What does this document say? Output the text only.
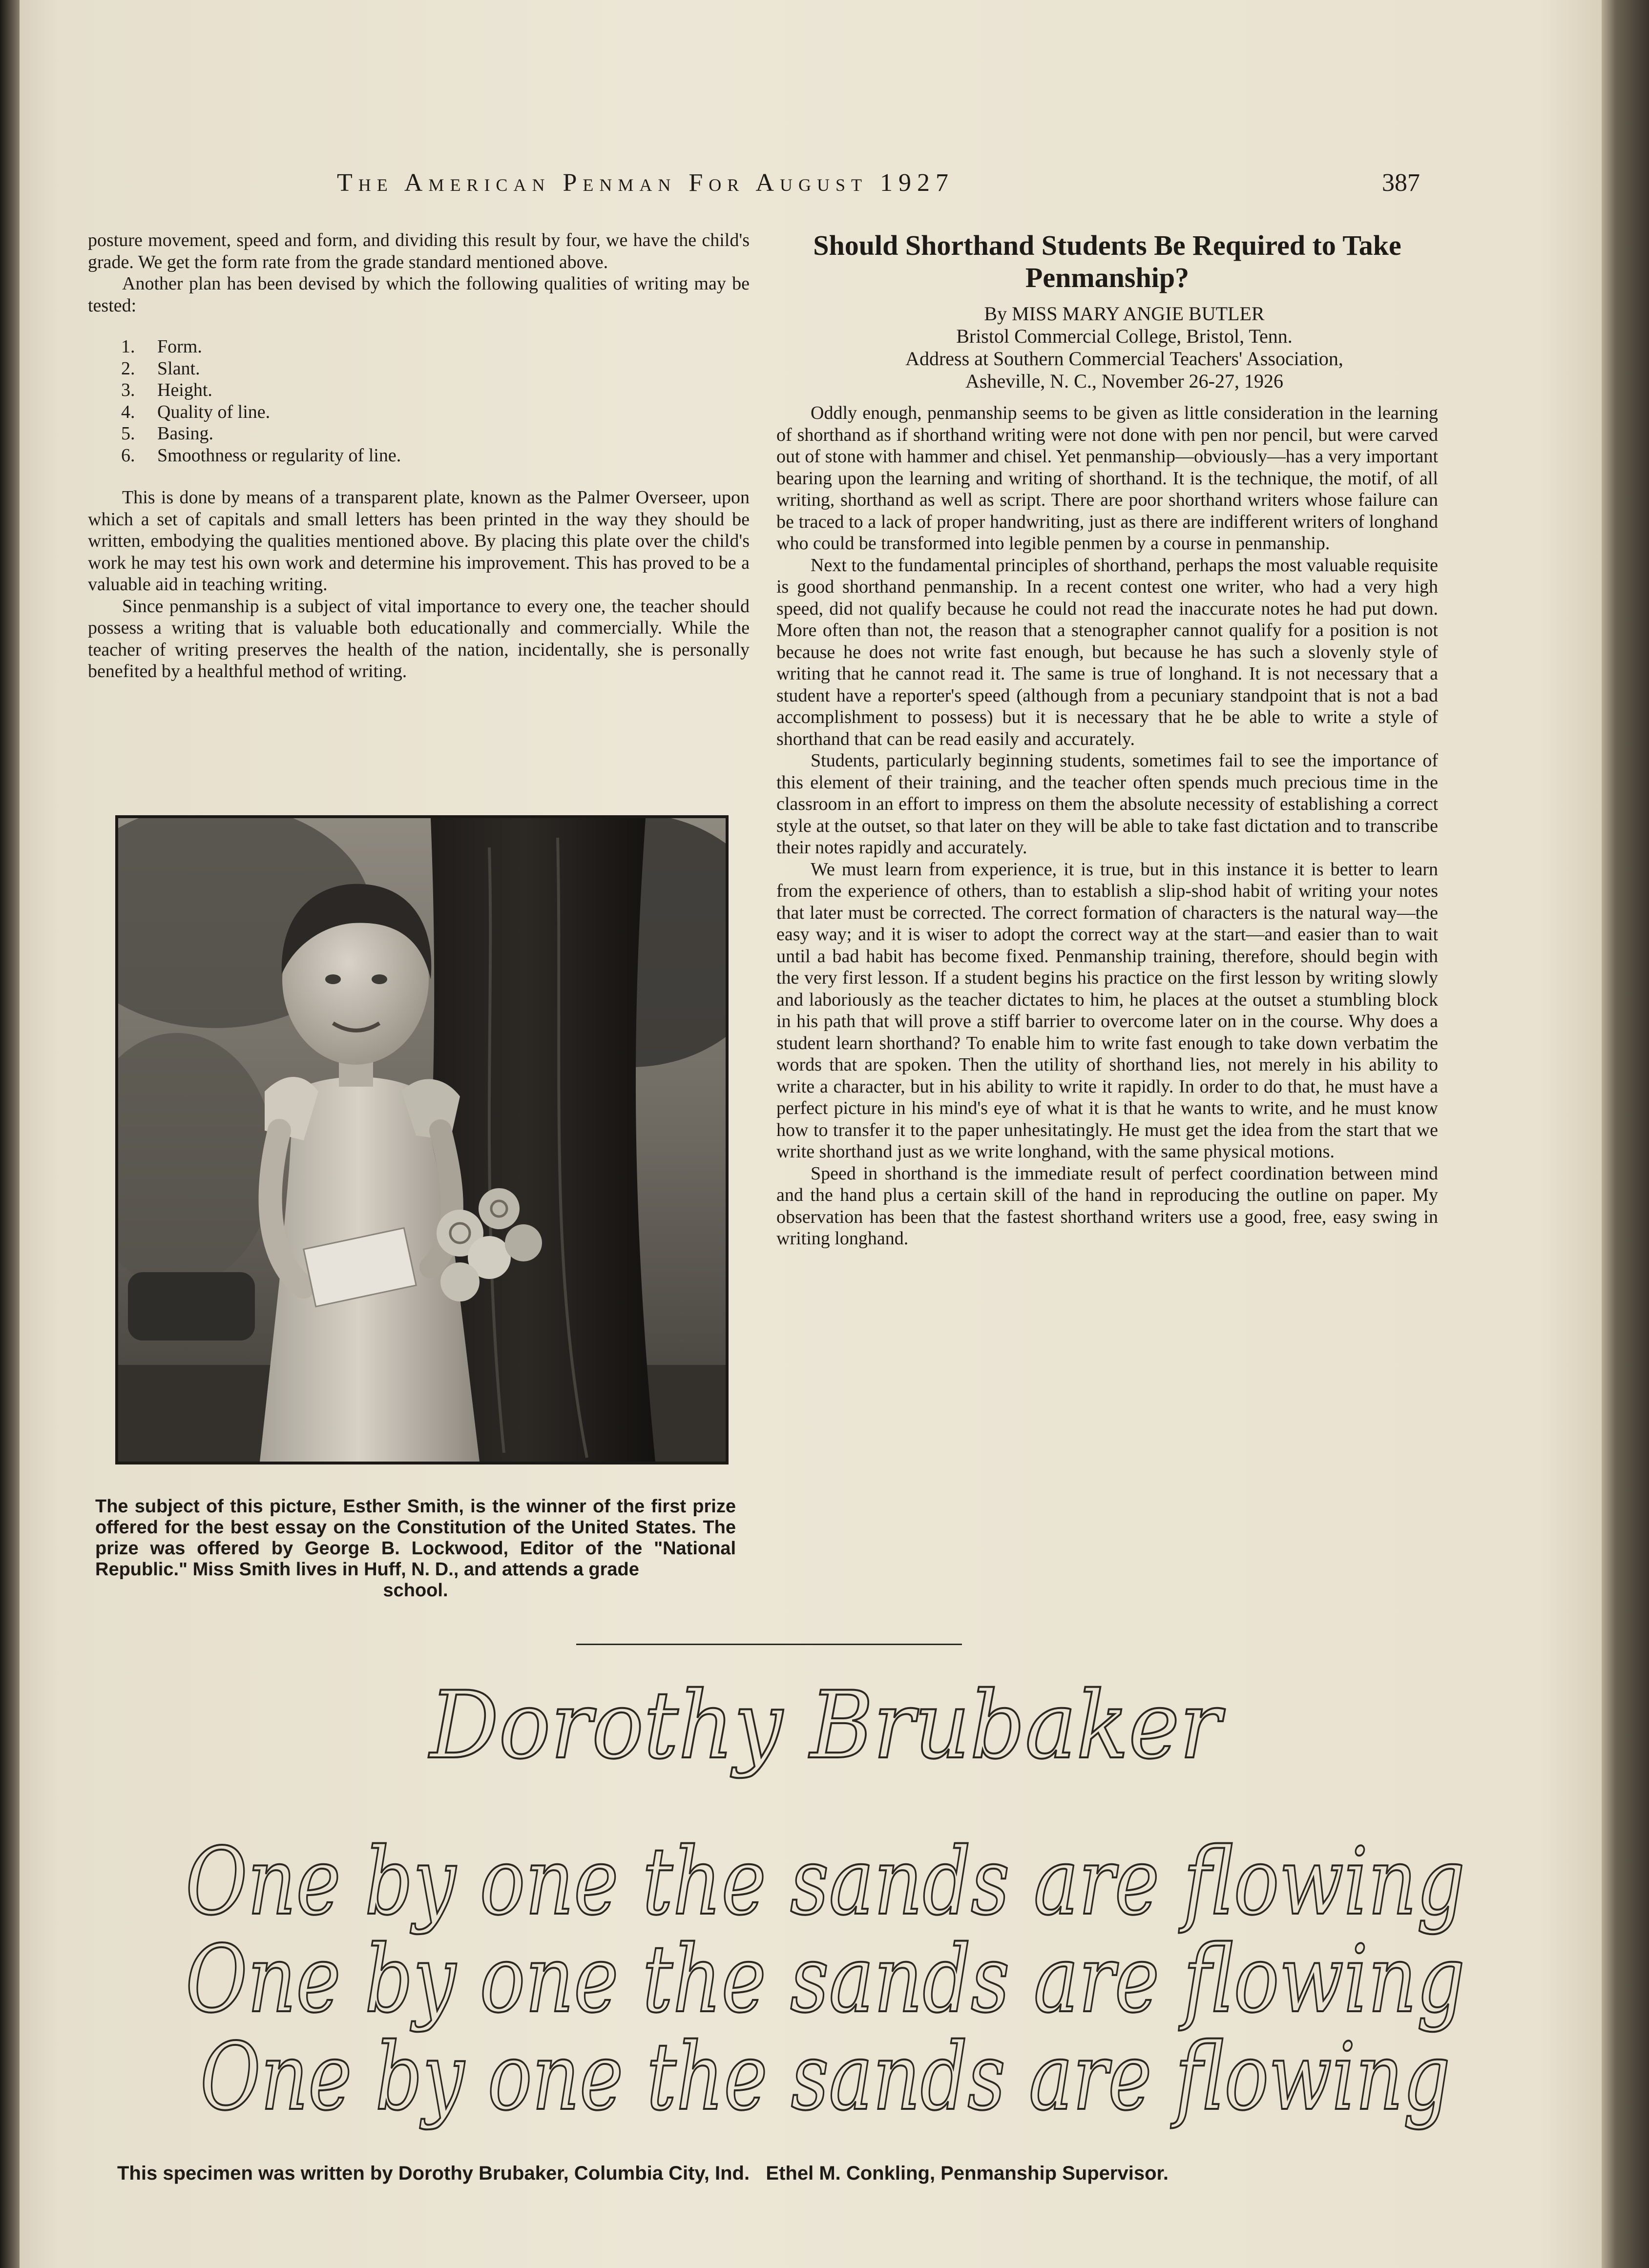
The American Penman For August 1927	387

posture movement, speed and form, and dividing this result by four, we have the child's grade. We get the form rate from the grade standard mentioned above.

Another plan has been devised by which the following qualities of writing may be tested:

1.	Form.
2.	Slant.
3.	Height.
4.	Quality of line.
5.	Basing.
6.	Smoothness or regularity of line.

This is done by means of a transparent plate, known as the Palmer Overseer, upon which a set of capitals and small letters has been printed in the way they should be written, embodying the qualities mentioned above. By placing this plate over the child's work he may test his own work and determine his improvement. This has proved to be a valuable aid in teaching writing.

Since penmanship is a subject of vital importance to every one, the teacher should possess a writing that is valuable both educationally and commercially. While the teacher of writing preserves the health of the nation, incidentally, she is personally benefited by a healthful method of writing.

The subject of this picture, Esther Smith, is the winner of the first prize offered for the best essay on the Constitution of the United States. The prize was offered by George B. Lockwood, Editor of the "National Republic." Miss Smith lives in Huff, N. D., and attends a grade
school.
Should Shorthand Students Be Required to Take Penmanship?

By MISS MARY ANGIE BUTLER

Bristol Commercial College, Bristol, Tenn.

Address at Southern Commercial Teachers' Association,

Asheville, N. C., November 26-27, 1926

Oddly enough, penmanship seems to be given as little consideration in the learning of shorthand as if shorthand writing were not done with pen nor pencil, but were carved out of stone with hammer and chisel. Yet penmanship—obviously—has a very important bearing upon the learning and writing of shorthand. It is the technique, the motif, of all writing, shorthand as well as script. There are poor shorthand writers whose failure can be traced to a lack of proper handwriting, just as there are indifferent writers of longhand who could be transformed into legible penmen by a course in penmanship.

Next to the fundamental principles of shorthand, perhaps the most valuable requisite is good shorthand penmanship. In a recent contest one writer, who had a very high speed, did not qualify because he could not read the inaccurate notes he had put down. More often than not, the reason that a stenographer cannot qualify for a position is not because he does not write fast enough, but because he has such a slovenly style of writing that he cannot read it. The same is true of longhand. It is not necessary that a student have a reporter's speed (although from a pecuniary standpoint that is not a bad accomplishment to possess) but it is necessary that he be able to write a style of shorthand that can be read easily and accurately.

Students, particularly beginning students, sometimes fail to see the importance of this element of their training, and the teacher often spends much precious time in the classroom in an effort to impress on them the absolute necessity of establishing a correct style at the outset, so that later on they will be able to take fast dictation and to transcribe their notes rapidly and accurately.

We must learn from experience, it is true, but in this instance it is better to learn from the experience of others, than to establish a slip-shod habit of writing your notes that later must be corrected. The correct formation of characters is the natural way—the easy way; and it is wiser to adopt the correct way at the start—and easier than to wait until a bad habit has become fixed. Penmanship training, therefore, should begin with the very first lesson. If a student begins his practice on the first lesson by writing slowly and laboriously as the teacher dictates to him, he places at the outset a stumbling block in his path that will prove a stiff barrier to overcome later on in the course. Why does a student learn shorthand? To enable him to write fast enough to take down verbatim the words that are spoken. Then the utility of shorthand lies, not merely in his ability to write a character, but in his ability to write it rapidly. In order to do that, he must have a perfect picture in his mind's eye of what it is that he wants to write, and he must know how to transfer it to the paper unhesitatingly. He must get the idea from the start that we write shorthand just as we write longhand, with the same physical motions.

Speed in shorthand is the immediate result of perfect coordination between mind and the hand plus a certain skill of the hand in reproducing the outline on paper. My observation has been that the fastest shorthand writers use a good, free, easy swing in writing longhand.

Dorothy Brubaker
One by one the sands are flowing
One by one the sands are flowing
One by one the sands are flowing
This specimen was written by Dorothy Brubaker, Columbia City, Ind. Ethel M. Conkling, Penmanship Supervisor.
